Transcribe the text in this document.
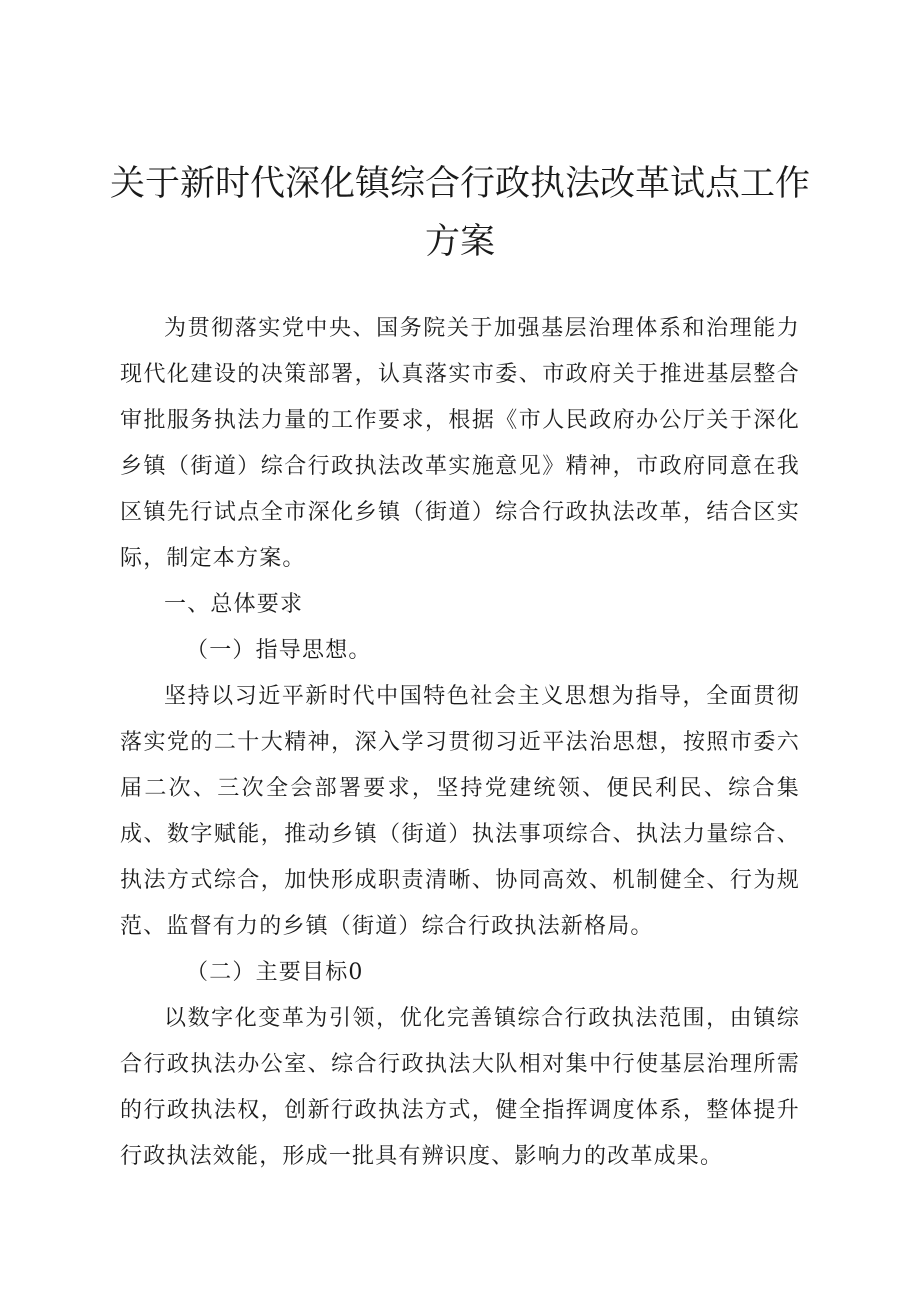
关于新时代深化镇综合行政执法改革试点工作
方案

为贯彻落实党中央、国务院关于加强基层治理体系和治理能力现代化建设的决策部署，认真落实市委、市政府关于推进基层整合审批服务执法力量的工作要求，根据《市人民政府办公厅关于深化乡镇（街道）综合行政执法改革实施意见》精神，市政府同意在我区镇先行试点全市深化乡镇（街道）综合行政执法改革，结合区实际，制定本方案。

一、总体要求

（一）指导思想。

坚持以习近平新时代中国特色社会主义思想为指导，全面贯彻落实党的二十大精神，深入学习贯彻习近平法治思想，按照市委六届二次、三次全会部署要求，坚持党建统领、便民利民、综合集成、数字赋能，推动乡镇（街道）执法事项综合、执法力量综合、执法方式综合，加快形成职责清晰、协同高效、机制健全、行为规范、监督有力的乡镇（街道）综合行政执法新格局。

（二）主要目标0

以数字化变革为引领，优化完善镇综合行政执法范围，由镇综合行政执法办公室、综合行政执法大队相对集中行使基层治理所需的行政执法权，创新行政执法方式，健全指挥调度体系，整体提升行政执法效能，形成一批具有辨识度、影响力的改革成果。
